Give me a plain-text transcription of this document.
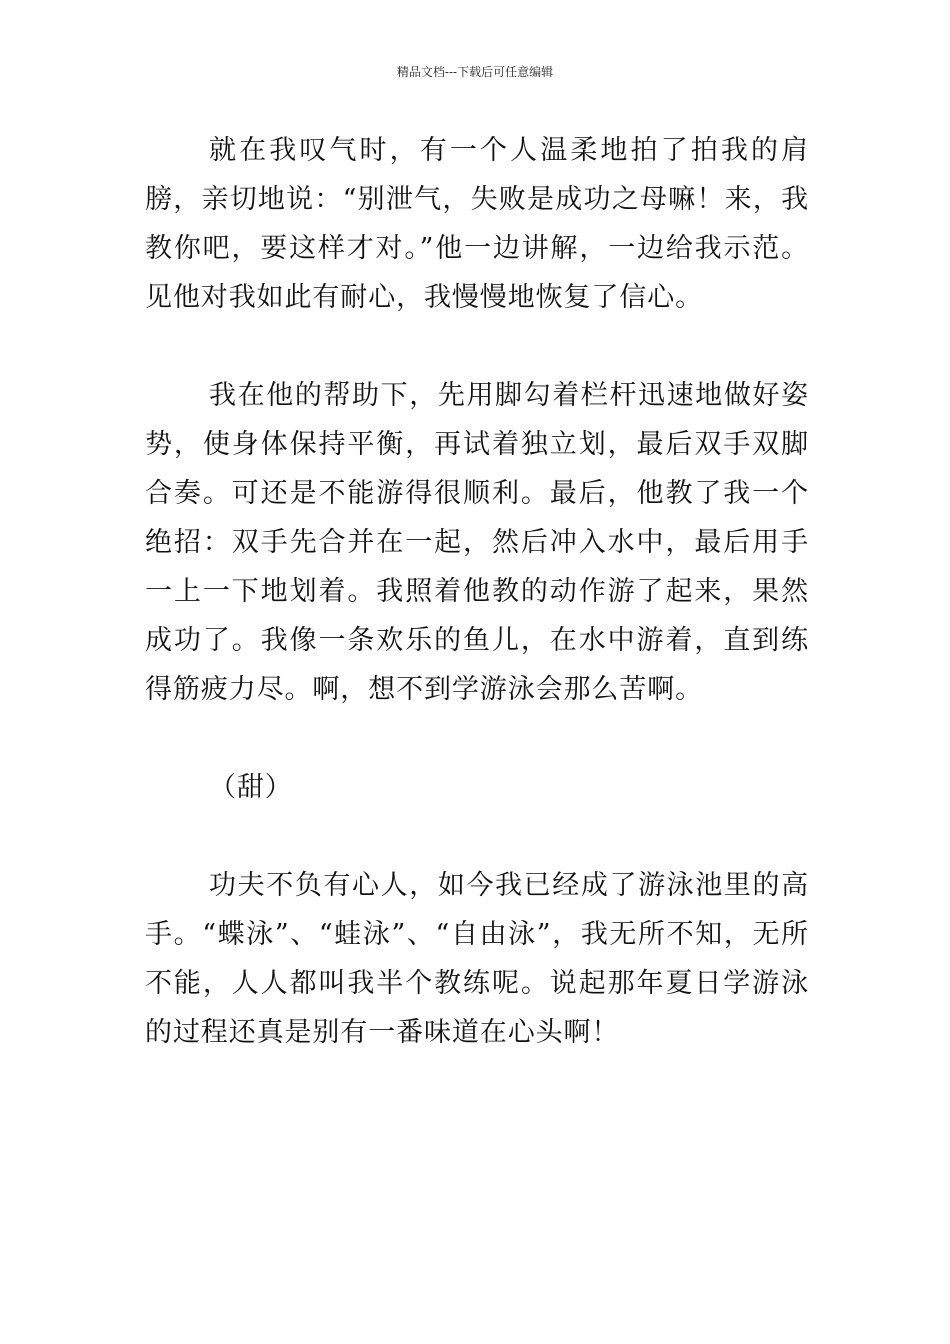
精品文档---下载后可任意编辑

就在我叹气时，有一个人温柔地拍了拍我的肩膀，亲切地说：“别泄气，失败是成功之母嘛！来，我教你吧，要这样才对。”他一边讲解，一边给我示范。见他对我如此有耐心，我慢慢地恢复了信心。

我在他的帮助下，先用脚勾着栏杆迅速地做好姿势，使身体保持平衡，再试着独立划，最后双手双脚合奏。可还是不能游得很顺利。最后，他教了我一个绝招：双手先合并在一起，然后冲入水中，最后用手一上一下地划着。我照着他教的动作游了起来，果然成功了。我像一条欢乐的鱼儿，在水中游着，直到练得筋疲力尽。啊，想不到学游泳会那么苦啊。

（甜）

功夫不负有心人，如今我已经成了游泳池里的高手。“蝶泳”、“蛙泳”、“自由泳”，我无所不知，无所不能，人人都叫我半个教练呢。说起那年夏日学游泳的过程还真是别有一番味道在心头啊！
